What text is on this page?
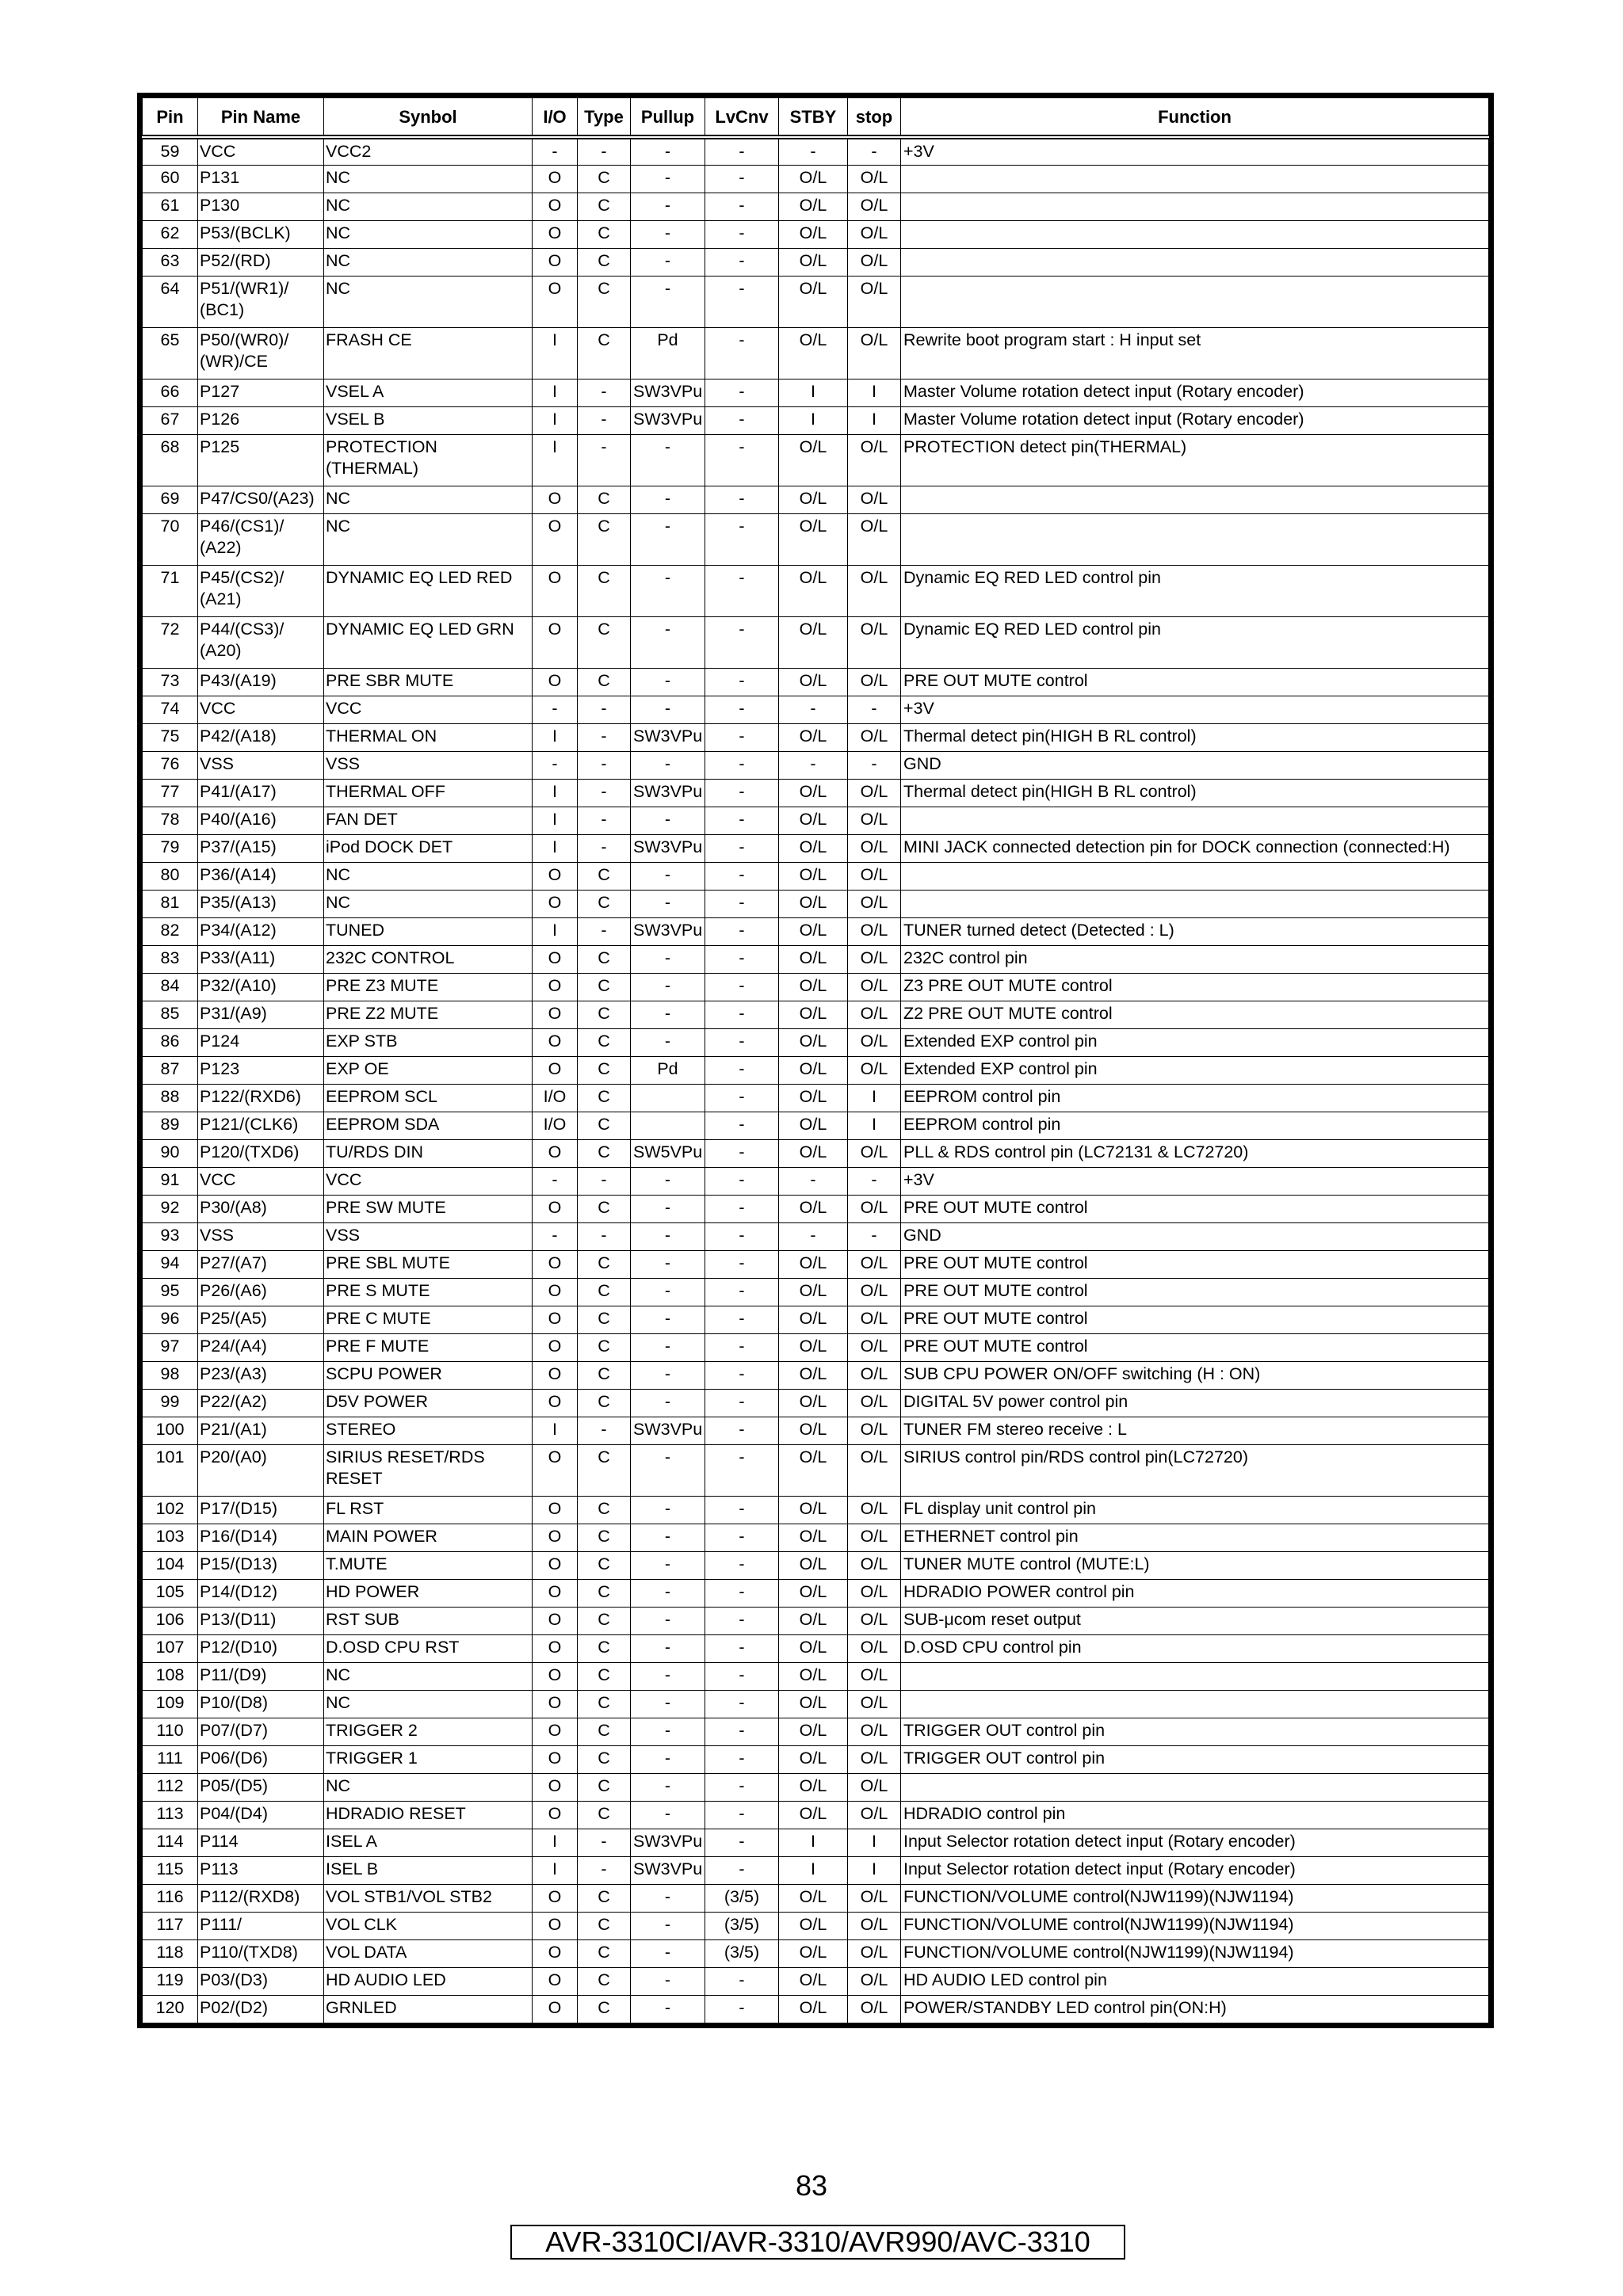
Pin	Pin Name	Synbol	I/O	Type	Pullup	LvCnv	STBY	stop	Function
59	VCC	VCC2	-	-	-	-	-	-	+3V
60	P131	NC	O	C	-	-	O/L	O/L	
61	P130	NC	O	C	-	-	O/L	O/L	
62	P53/(BCLK)	NC	O	C	-	-	O/L	O/L	
63	P52/(RD)	NC	O	C	-	-	O/L	O/L	
64	P51/(WR1)/ (BC1)	NC	O	C	-	-	O/L	O/L	
65	P50/(WR0)/ (WR)/CE	FRASH CE	I	C	Pd	-	O/L	O/L	Rewrite boot program start : H input set
66	P127	VSEL A	I	-	SW3VPu	-	I	I	Master Volume rotation detect input (Rotary encoder)
67	P126	VSEL B	I	-	SW3VPu	-	I	I	Master Volume rotation detect input (Rotary encoder)
68	P125	PROTECTION (THERMAL)	I	-	-	-	O/L	O/L	PROTECTION detect pin(THERMAL)
69	P47/CS0/(A23)	NC	O	C	-	-	O/L	O/L	
70	P46/(CS1)/ (A22)	NC	O	C	-	-	O/L	O/L	
71	P45/(CS2)/ (A21)	DYNAMIC EQ LED RED	O	C	-	-	O/L	O/L	Dynamic EQ RED LED control pin
72	P44/(CS3)/ (A20)	DYNAMIC EQ LED GRN	O	C	-	-	O/L	O/L	Dynamic EQ RED LED control pin
73	P43/(A19)	PRE SBR MUTE	O	C	-	-	O/L	O/L	PRE OUT MUTE control
74	VCC	VCC	-	-	-	-	-	-	+3V
75	P42/(A18)	THERMAL ON	I	-	SW3VPu	-	O/L	O/L	Thermal detect pin(HIGH B RL control)
76	VSS	VSS	-	-	-	-	-	-	GND
77	P41/(A17)	THERMAL OFF	I	-	SW3VPu	-	O/L	O/L	Thermal detect pin(HIGH B RL control)
78	P40/(A16)	FAN DET	I	-	-	-	O/L	O/L	
79	P37/(A15)	iPod DOCK DET	I	-	SW3VPu	-	O/L	O/L	MINI JACK connected detection pin for DOCK connection (connected:H)
80	P36/(A14)	NC	O	C	-	-	O/L	O/L	
81	P35/(A13)	NC	O	C	-	-	O/L	O/L	
82	P34/(A12)	TUNED	I	-	SW3VPu	-	O/L	O/L	TUNER turned detect (Detected : L)
83	P33/(A11)	232C CONTROL	O	C	-	-	O/L	O/L	232C control pin
84	P32/(A10)	PRE Z3 MUTE	O	C	-	-	O/L	O/L	Z3 PRE OUT MUTE control
85	P31/(A9)	PRE Z2 MUTE	O	C	-	-	O/L	O/L	Z2 PRE OUT MUTE control
86	P124	EXP STB	O	C	-	-	O/L	O/L	Extended EXP control pin
87	P123	EXP OE	O	C	Pd	-	O/L	O/L	Extended EXP control pin
88	P122/(RXD6)	EEPROM SCL	I/O	C		-	O/L	I	EEPROM control pin
89	P121/(CLK6)	EEPROM SDA	I/O	C		-	O/L	I	EEPROM control pin
90	P120/(TXD6)	TU/RDS DIN	O	C	SW5VPu	-	O/L	O/L	PLL & RDS control pin (LC72131 & LC72720)
91	VCC	VCC	-	-	-	-	-	-	+3V
92	P30/(A8)	PRE SW MUTE	O	C	-	-	O/L	O/L	PRE OUT MUTE control
93	VSS	VSS	-	-	-	-	-	-	GND
94	P27/(A7)	PRE SBL MUTE	O	C	-	-	O/L	O/L	PRE OUT MUTE control
95	P26/(A6)	PRE S MUTE	O	C	-	-	O/L	O/L	PRE OUT MUTE control
96	P25/(A5)	PRE C MUTE	O	C	-	-	O/L	O/L	PRE OUT MUTE control
97	P24/(A4)	PRE F MUTE	O	C	-	-	O/L	O/L	PRE OUT MUTE control
98	P23/(A3)	SCPU POWER	O	C	-	-	O/L	O/L	SUB CPU POWER ON/OFF switching (H : ON)
99	P22/(A2)	D5V POWER	O	C	-	-	O/L	O/L	DIGITAL 5V power control pin
100	P21/(A1)	STEREO	I	-	SW3VPu	-	O/L	O/L	TUNER FM stereo receive : L
101	P20/(A0)	SIRIUS RESET/RDS RESET	O	C	-	-	O/L	O/L	SIRIUS control pin/RDS control pin(LC72720)
102	P17/(D15)	FL RST	O	C	-	-	O/L	O/L	FL display unit control pin
103	P16/(D14)	MAIN POWER	O	C	-	-	O/L	O/L	ETHERNET control pin
104	P15/(D13)	T.MUTE	O	C	-	-	O/L	O/L	TUNER MUTE control (MUTE:L)
105	P14/(D12)	HD POWER	O	C	-	-	O/L	O/L	HDRADIO POWER control pin
106	P13/(D11)	RST SUB	O	C	-	-	O/L	O/L	SUB-μcom reset output
107	P12/(D10)	D.OSD CPU RST	O	C	-	-	O/L	O/L	D.OSD CPU control pin
108	P11/(D9)	NC	O	C	-	-	O/L	O/L	
109	P10/(D8)	NC	O	C	-	-	O/L	O/L	
110	P07/(D7)	TRIGGER 2	O	C	-	-	O/L	O/L	TRIGGER OUT control pin
111	P06/(D6)	TRIGGER 1	O	C	-	-	O/L	O/L	TRIGGER OUT control pin
112	P05/(D5)	NC	O	C	-	-	O/L	O/L	
113	P04/(D4)	HDRADIO RESET	O	C	-	-	O/L	O/L	HDRADIO control pin
114	P114	ISEL A	I	-	SW3VPu	-	I	I	Input Selector rotation detect input (Rotary encoder)
115	P113	ISEL B	I	-	SW3VPu	-	I	I	Input Selector rotation detect input (Rotary encoder)
116	P112/(RXD8)	VOL STB1/VOL STB2	O	C	-	(3/5)	O/L	O/L	FUNCTION/VOLUME control(NJW1199)(NJW1194)
117	P111/	VOL CLK	O	C	-	(3/5)	O/L	O/L	FUNCTION/VOLUME control(NJW1199)(NJW1194)
118	P110/(TXD8)	VOL DATA	O	C	-	(3/5)	O/L	O/L	FUNCTION/VOLUME control(NJW1199)(NJW1194)
119	P03/(D3)	HD AUDIO LED	O	C	-	-	O/L	O/L	HD AUDIO LED control pin
120	P02/(D2)	GRNLED	O	C	-	-	O/L	O/L	POWER/STANDBY LED control pin(ON:H)
83
AVR-3310CI/AVR-3310/AVR990/AVC-3310
